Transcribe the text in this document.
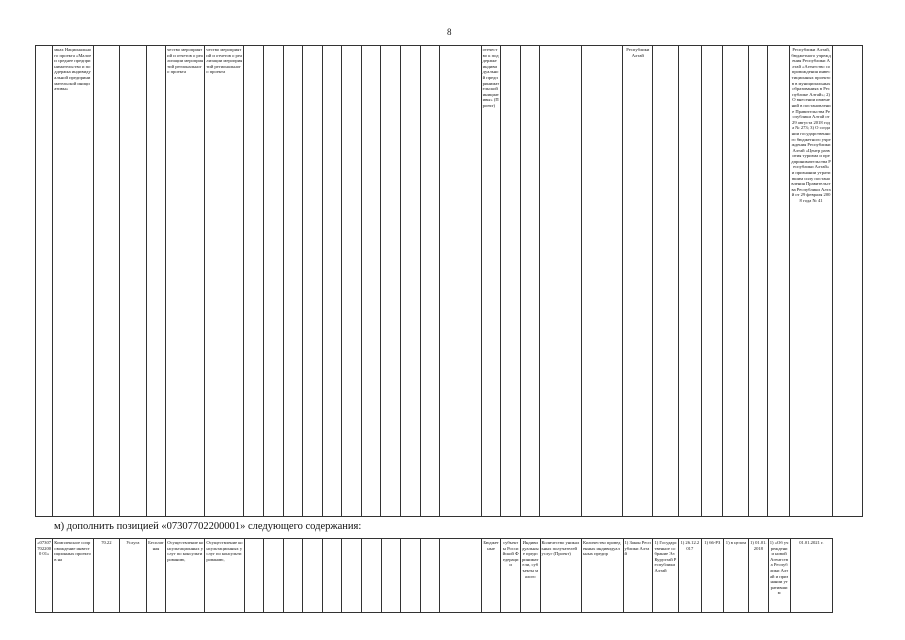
8
	мках Национального проекта «Малое и среднее предпринимательство и поддержка индивидуальной предпринимательской инициативы»				чество мероприятий и отчетов о реализации мероприятий регионального проекта	чество мероприятий и отчетов о реализации мероприятий регионального проекта												отечество к поддержке индивидуальной предпринимательской инициативы» (Проект)					Республики Алтай							Республики Алтай, бюджетного учреждения Республики Алтай «Агентство сопровождения инвестиционных проектов в муниципальных образованиях в Республике Алтай»; 2) О внесении изменений в постановление Правительства Республики Алтай от 29 августа 2018 года № 273; 3) О создании государственного бюджетного учреждения Республики Алтай «Центр развития туризма и предпринимательства Республики Алтай» и признании утратившим силу постановления Правительства Республики Алтай от 29 февраля 2008 года № 41	
м) дополнить позицией «07307702200001» следующего содержания:
«073077022000 01»	Комплексное сопровождение инвестиционных проектов на	70.22	Услуга	Бесплатная	Осуществление консультационных услуг по консультированию,	Осуществление консультационных услуг по консультированию,												Бюджетные	субъекты Российской Федерации	Индивидуальные предприниматели, субъекты малого	Количество уникальных получателей услуг (Проект)	Количество проведенных индивидуальных предпр	1) Закон Республики Алтай	1) Государственное собрание Эл Курултай Республики Алтай	1) 26.12.2017	1) 66-РЗ	1) в целом	1) 01.01.2018	1) «Об учреждении новой Агентства Республики Алтай и признании утратившим	01.01.2021 г.
